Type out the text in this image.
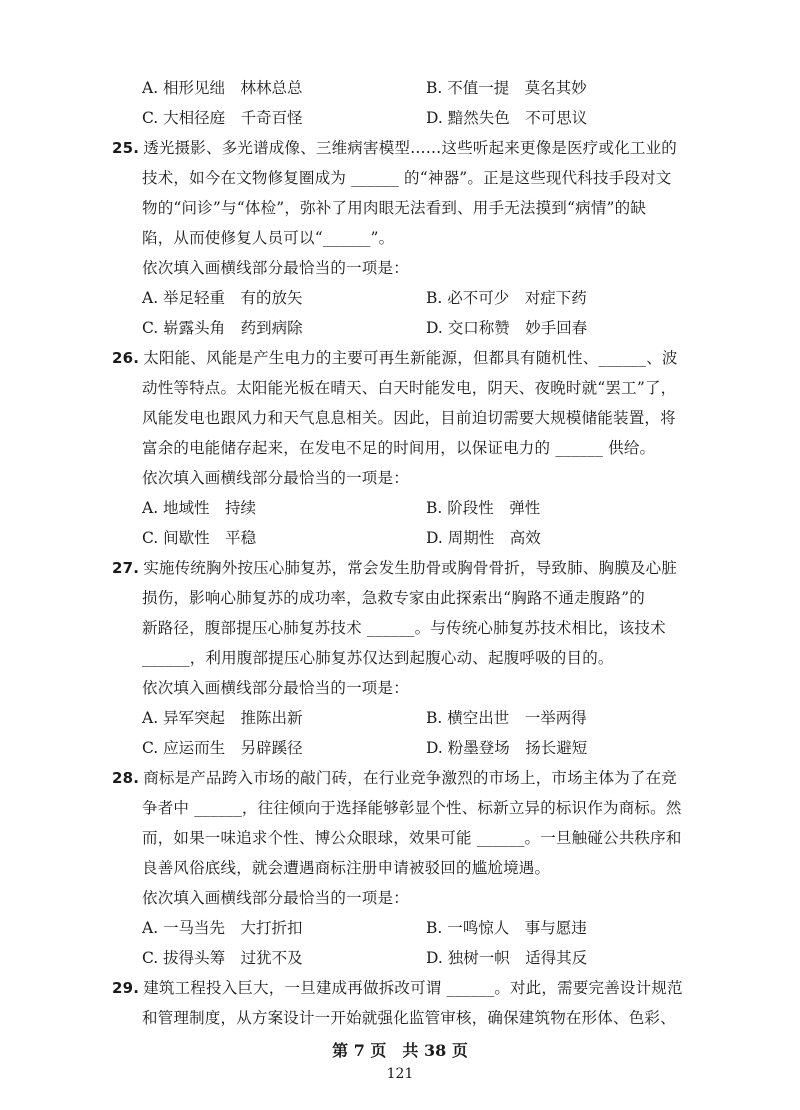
A. 相形见绌　林林总总	B. 不值一提　莫名其妙
C. 大相径庭　千奇百怪	D. 黯然失色　不可思议
25. 透光摄影、多光谱成像、三维病害模型……这些听起来更像是医疗或化工业的
技术，如今在文物修复圈成为 ______ 的“神器”。正是这些现代科技手段对文
物的“问诊”与“体检”，弥补了用肉眼无法看到、用手无法摸到“病情”的缺
陷，从而使修复人员可以“______”。
依次填入画横线部分最恰当的一项是：
A. 举足轻重　有的放矢	B. 必不可少　对症下药
C. 崭露头角　药到病除	D. 交口称赞　妙手回春
26. 太阳能、风能是产生电力的主要可再生新能源，但都具有随机性、______、波
动性等特点。太阳能光板在晴天、白天时能发电，阴天、夜晚时就“罢工”了，
风能发电也跟风力和天气息息相关。因此，目前迫切需要大规模储能装置，将
富余的电能储存起来，在发电不足的时间用，以保证电力的 ______ 供给。
依次填入画横线部分最恰当的一项是：
A. 地域性　持续	B. 阶段性　弹性
C. 间歇性　平稳	D. 周期性　高效
27. 实施传统胸外按压心肺复苏，常会发生肋骨或胸骨骨折，导致肺、胸膜及心脏
损伤，影响心肺复苏的成功率，急救专家由此探索出“胸路不通走腹路”的
新路径，腹部提压心肺复苏技术 ______。与传统心肺复苏技术相比，该技术
______，利用腹部提压心肺复苏仅达到起腹心动、起腹呼吸的目的。
依次填入画横线部分最恰当的一项是：
A. 异军突起　推陈出新	B. 横空出世　一举两得
C. 应运而生　另辟蹊径	D. 粉墨登场　扬长避短
28. 商标是产品跨入市场的敲门砖，在行业竞争激烈的市场上，市场主体为了在竞
争者中 ______，往往倾向于选择能够彰显个性、标新立异的标识作为商标。然
而，如果一味追求个性、博公众眼球，效果可能 ______。一旦触碰公共秩序和
良善风俗底线，就会遭遇商标注册申请被驳回的尴尬境遇。
依次填入画横线部分最恰当的一项是：
A. 一马当先　大打折扣	B. 一鸣惊人　事与愿违
C. 拔得头筹　过犹不及	D. 独树一帜　适得其反
29. 建筑工程投入巨大，一旦建成再做拆改可谓 ______。对此，需要完善设计规范
和管理制度，从方案设计一开始就强化监管审核，确保建筑物在形体、色彩、
第 7 页　共 38 页
121
